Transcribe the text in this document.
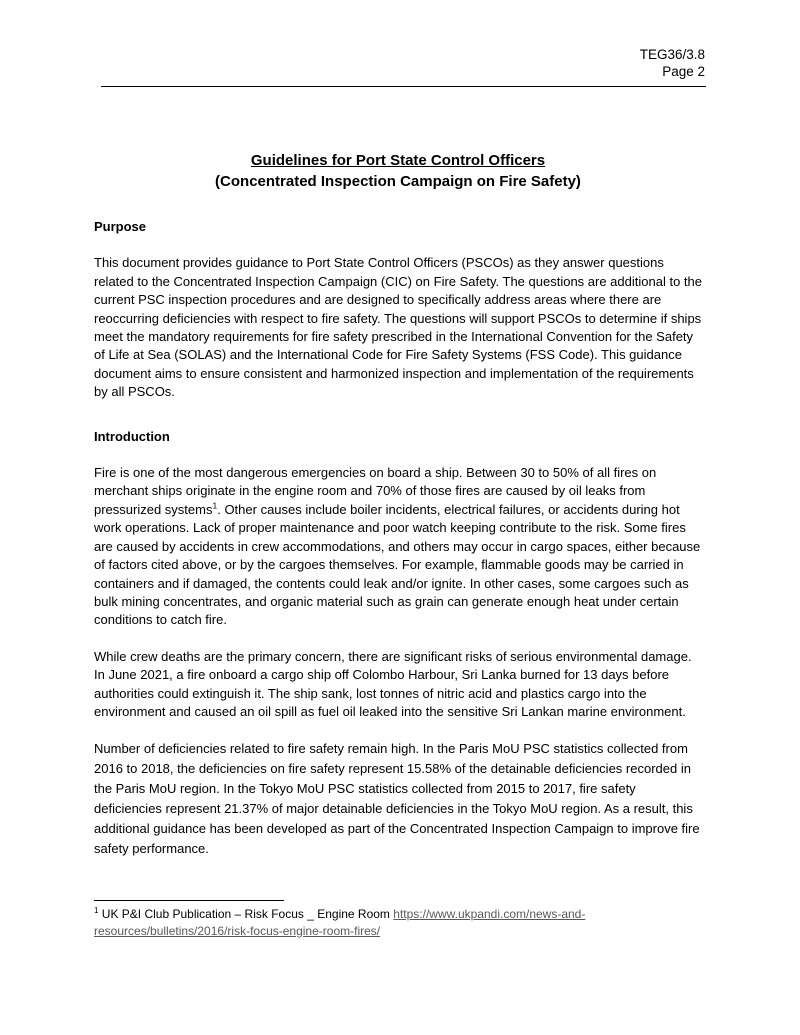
TEG36/3.8
Page 2
Guidelines for Port State Control Officers
(Concentrated Inspection Campaign on Fire Safety)
Purpose

This document provides guidance to Port State Control Officers (PSCOs) as they answer questions related to the Concentrated Inspection Campaign (CIC) on Fire Safety. The questions are additional to the current PSC inspection procedures and are designed to specifically address areas where there are reoccurring deficiencies with respect to fire safety. The questions will support PSCOs to determine if ships meet the mandatory requirements for fire safety prescribed in the International Convention for the Safety of Life at Sea (SOLAS) and the International Code for Fire Safety Systems (FSS Code). This guidance document aims to ensure consistent and harmonized inspection and implementation of the requirements by all PSCOs.

Introduction

Fire is one of the most dangerous emergencies on board a ship. Between 30 to 50% of all fires on merchant ships originate in the engine room and 70% of those fires are caused by oil leaks from pressurized systems$^1$. Other causes include boiler incidents, electrical failures, or accidents during hot work operations. Lack of proper maintenance and poor watch keeping contribute to the risk. Some fires are caused by accidents in crew accommodations, and others may occur in cargo spaces, either because of factors cited above, or by the cargoes themselves. For example, flammable goods may be carried in containers and if damaged, the contents could leak and/or ignite. In other cases, some cargoes such as bulk mining concentrates, and organic material such as grain can generate enough heat under certain conditions to catch fire.

While crew deaths are the primary concern, there are significant risks of serious environmental damage. In June 2021, a fire onboard a cargo ship off Colombo Harbour, Sri Lanka burned for 13 days before authorities could extinguish it. The ship sank, lost tonnes of nitric acid and plastics cargo into the environment and caused an oil spill as fuel oil leaked into the sensitive Sri Lankan marine environment.

Number of deficiencies related to fire safety remain high. In the Paris MoU PSC statistics collected from 2016 to 2018, the deficiencies on fire safety represent 15.58% of the detainable deficiencies recorded in the Paris MoU region. In the Tokyo MoU PSC statistics collected from 2015 to 2017, fire safety deficiencies represent 21.37% of major detainable deficiencies in the Tokyo MoU region. As a result, this additional guidance has been developed as part of the Concentrated Inspection Campaign to improve fire safety performance.

$^1$ UK P&I Club Publication – Risk Focus _ Engine Room https://www.ukpandi.com/news-and-resources/bulletins/2016/risk-focus-engine-room-fires/
